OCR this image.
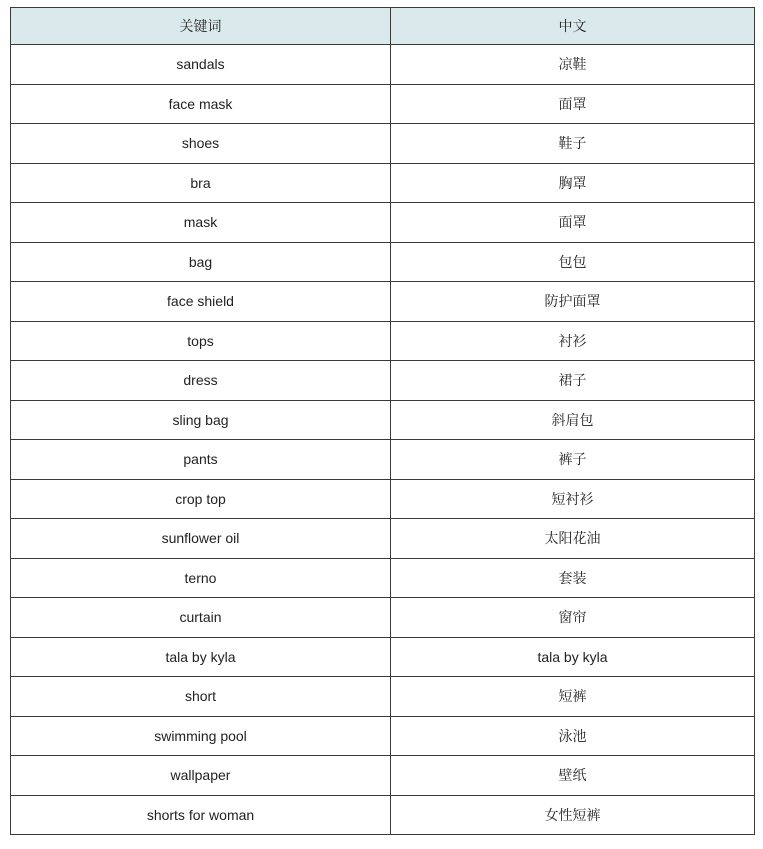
关键词	中文
sandals	凉鞋
face mask	面罩
shoes	鞋子
bra	胸罩
mask	面罩
bag	包包
face shield	防护面罩
tops	衬衫
dress	裙子
sling bag	斜肩包
pants	裤子
crop top	短衬衫
sunflower oil	太阳花油
terno	套装
curtain	窗帘
tala by kyla	tala by kyla
short	短裤
swimming pool	泳池
wallpaper	壁纸
shorts for woman	女性短裤
